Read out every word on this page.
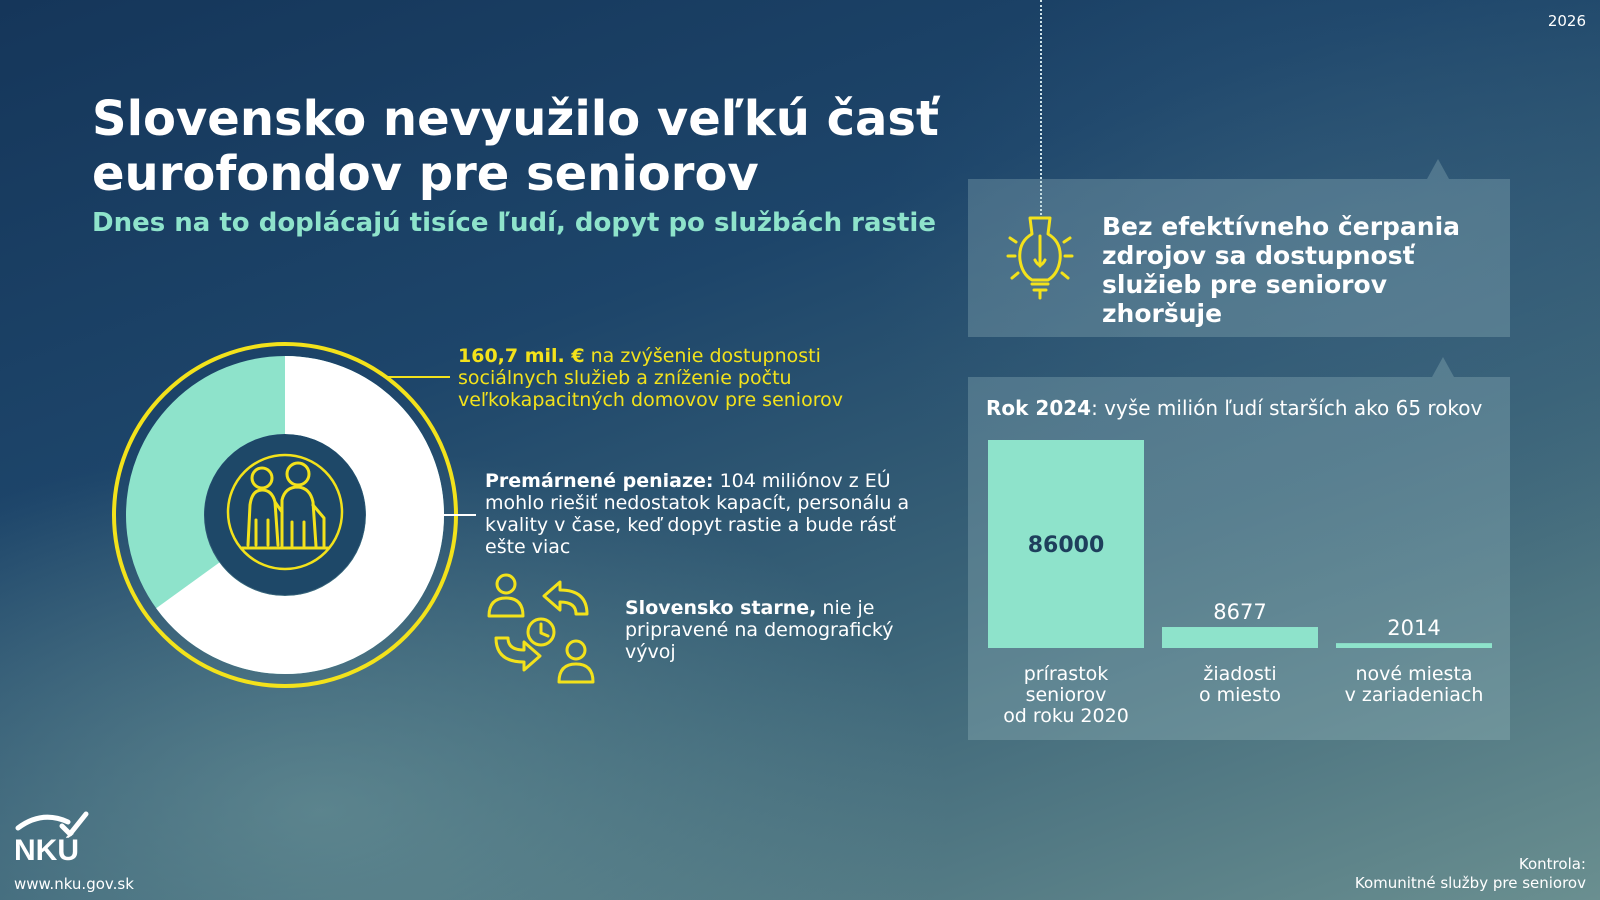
2026
Slovensko nevyužilo veľkú časť eurofondov pre seniorov
Dnes na to doplácajú tisíce ľudí, dopyt po službách rastie
160,7 mil. € na zvýšenie dostupnosti sociálnych služieb a zníženie počtu veľkokapacitných domovov pre seniorov
Premárnené peniaze: 104 miliónov z EÚ mohlo riešiť nedostatok kapacít, personálu a kvality v čase, keď dopyt rastie a bude rásť ešte viac
Slovensko starne, nie je pripravené na demografický vývoj
Bez efektívneho čerpania zdrojov sa dostupnosť služieb pre seniorov zhoršuje
Rok 2024: vyše milión ľudí starších ako 65 rokov
86000
prírastok
seniorov
od roku 2020
8677
žiadosti
o miesto
2014
nové miesta
v zariadeniach
NKÚ
www.nku.gov.sk
Kontrola:
Komunitné služby pre seniorov
